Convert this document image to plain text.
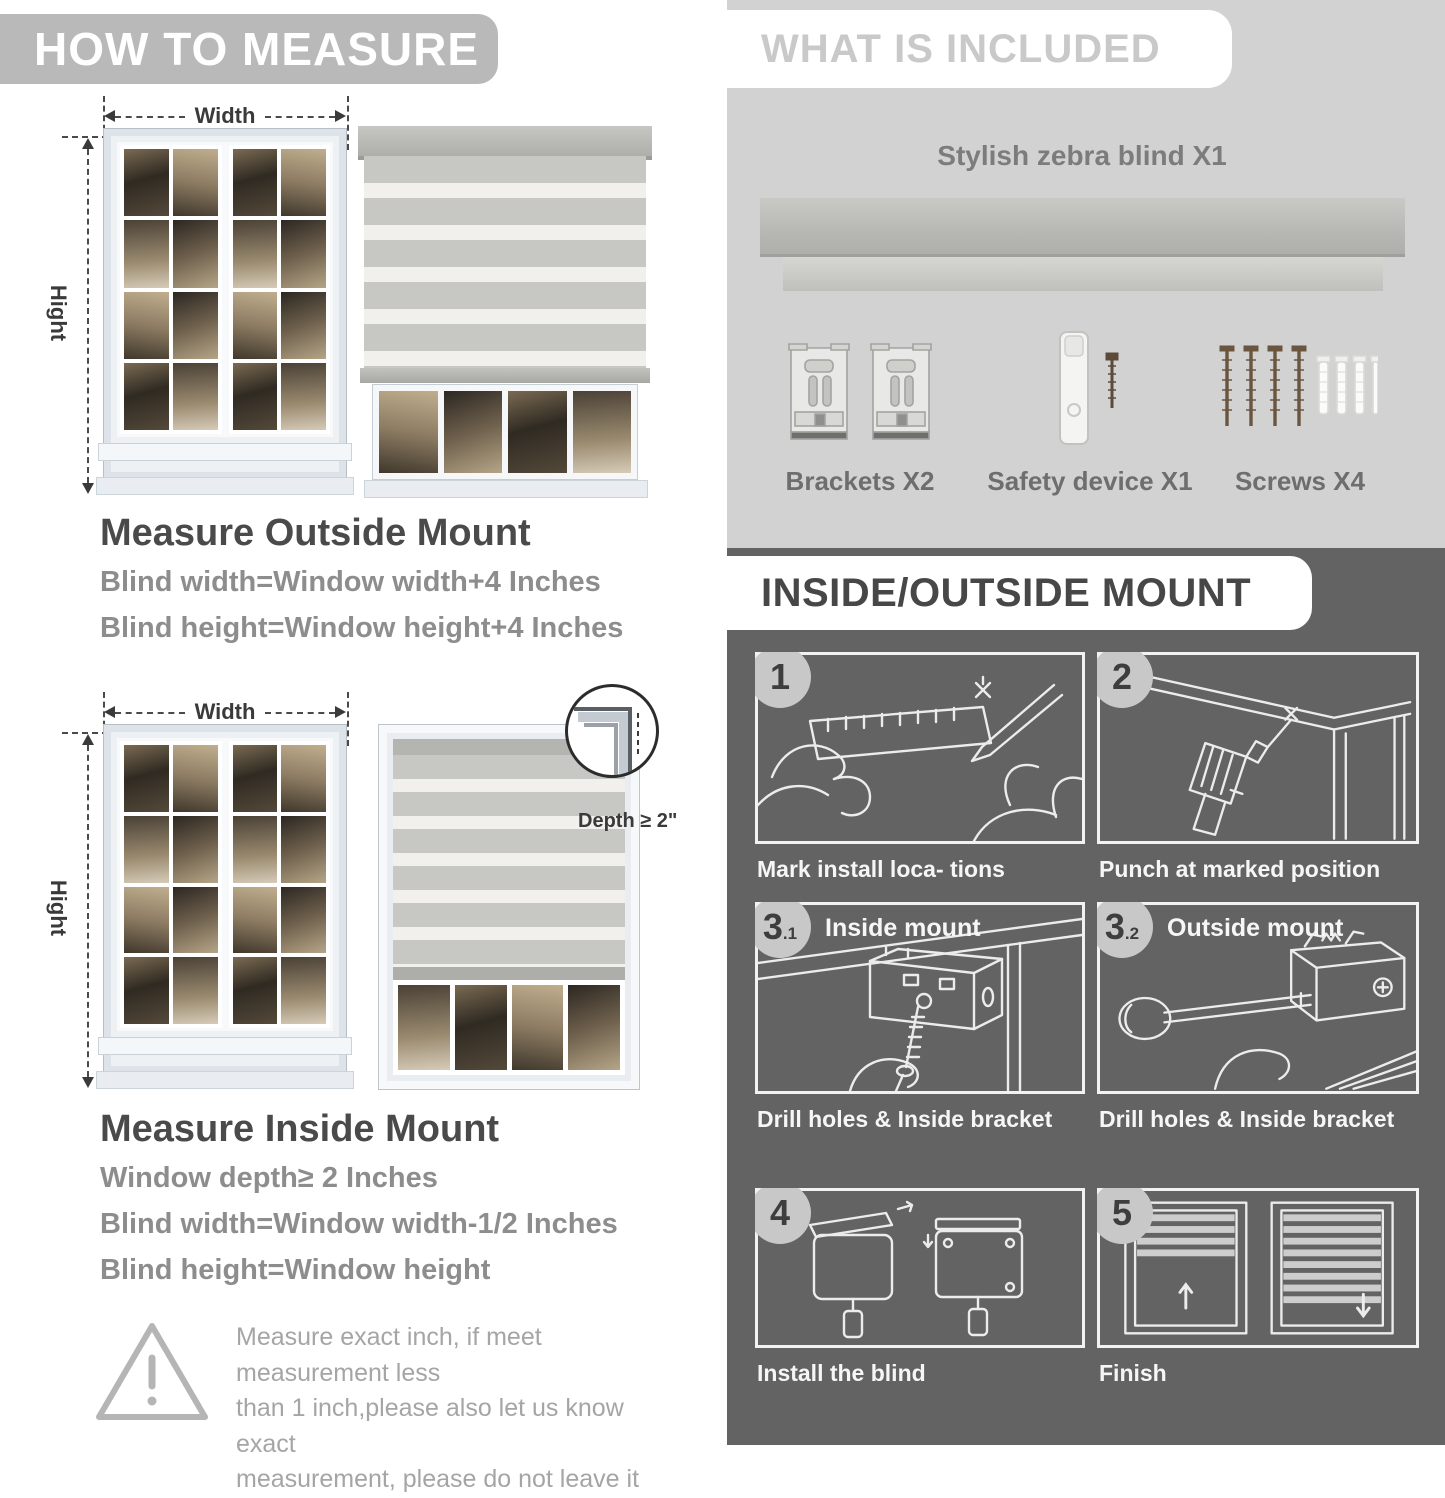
HOW TO MEASURE
Width
Hight
Measure Outside Mount
Blind width=Window width+4 Inches
Blind height=Window height+4 Inches
Width
Hight
Depth ≥ 2"
Measure Inside Mount
Window depth≥ 2 Inches
Blind width=Window width-1/2 Inches
Blind height=Window height
Measure exact inch, if meet measurement less
than 1 inch,please also let us know exact
measurement, please do not leave it
WHAT IS INCLUDED
Stylish zebra blind X1
Brackets X2	Safety device X1	Screws X4
INSIDE/OUTSIDE MOUNT
Mark install loca- tions
1
Punch at marked position
2
Drill holes & Inside bracket
3 .1 Inside mount
Drill holes & Inside bracket
3 .2 Outside mount
Install the blind
4
Finish
5
